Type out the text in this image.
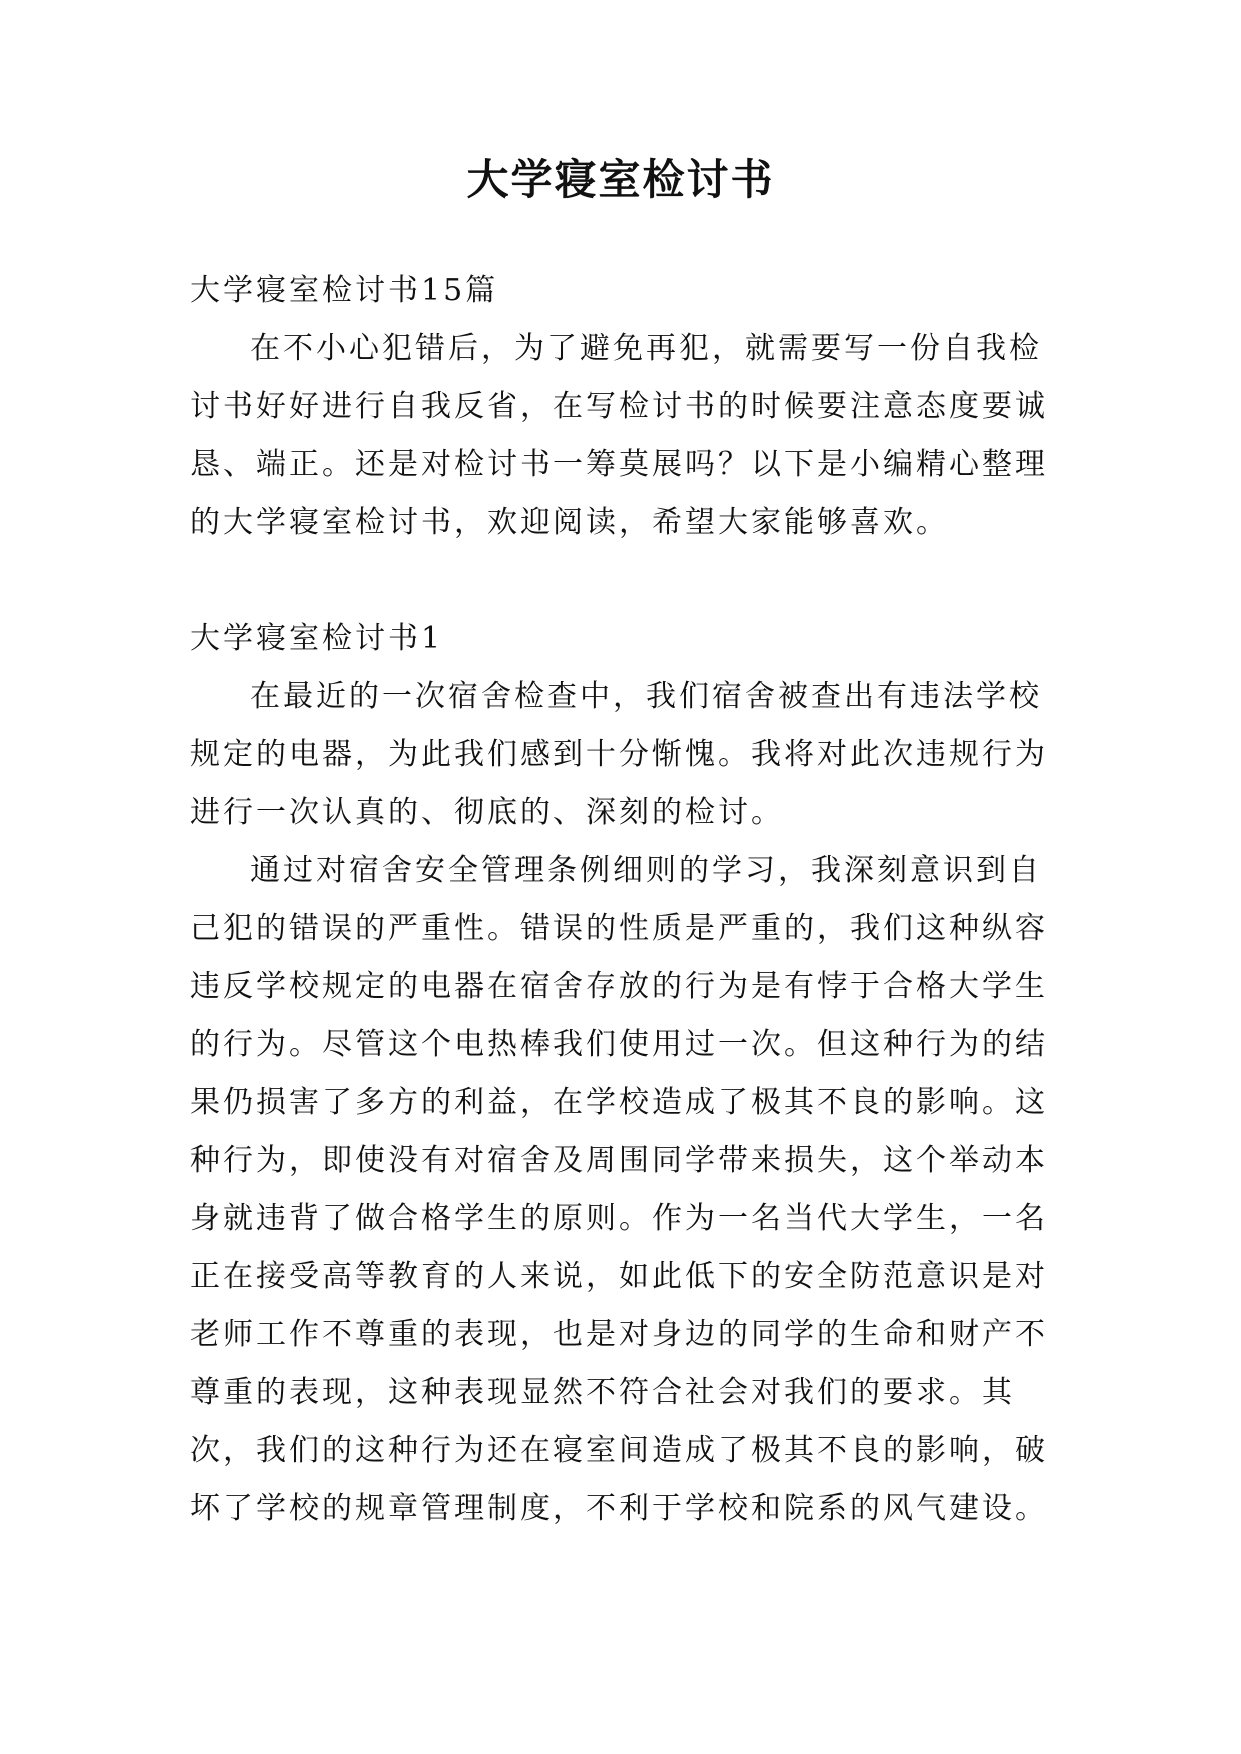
大学寝室检讨书

大学寝室检讨书15篇

在不小心犯错后，为了避免再犯，就需要写一份自我检讨书好好进行自我反省，在写检讨书的时候要注意态度要诚恳、端正。还是对检讨书一筹莫展吗？以下是小编精心整理的大学寝室检讨书，欢迎阅读，希望大家能够喜欢。

大学寝室检讨书1

在最近的一次宿舍检查中，我们宿舍被查出有违法学校规定的电器，为此我们感到十分惭愧。我将对此次违规行为进行一次认真的、彻底的、深刻的检讨。

通过对宿舍安全管理条例细则的学习，我深刻意识到自己犯的错误的严重性。错误的性质是严重的，我们这种纵容违反学校规定的电器在宿舍存放的行为是有悖于合格大学生的行为。尽管这个电热棒我们使用过一次。但这种行为的结果仍损害了多方的利益，在学校造成了极其不良的影响。这种行为，即使没有对宿舍及周围同学带来损失，这个举动本身就违背了做合格学生的原则。作为一名当代大学生，一名正在接受高等教育的人来说，如此低下的安全防范意识是对老师工作不尊重的表现，也是对身边的同学的生命和财产不尊重的表现，这种表现显然不符合社会对我们的要求。其次，我们的这种行为还在寝室间造成了极其不良的影响，破坏了学校的规章管理制度，不利于学校和院系的风气建设。
